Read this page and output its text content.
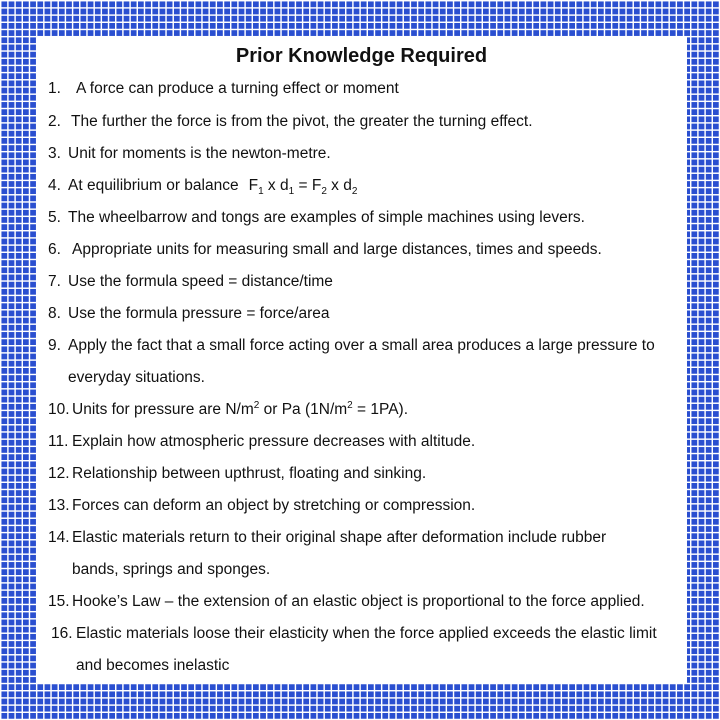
Prior Knowledge Required
1. A force can produce a turning effect or moment
2. The further the force is from the pivot, the greater the turning effect.
3. Unit for moments is the newton-metre.
4. At equilibrium or balance $F_1$ x $d_1 = F_2$ x $d_2$
5. The wheelbarrow and tongs are examples of simple machines using levers.
6. Appropriate units for measuring small and large distances, times and speeds.
7. Use the formula speed = distance/time
8. Use the formula pressure = force/area
9. Apply the fact that a small force acting over a small area produces a large pressure to
everyday situations.
10. Units for pressure are $N/m^2$ or Pa $(1N/m^2 = 1PA)$.
11. Explain how atmospheric pressure decreases with altitude.
12. Relationship between upthrust, floating and sinking.
13. Forces can deform an object by stretching or compression.
14. Elastic materials return to their original shape after deformation include rubber
bands, springs and sponges.
15. Hooke’s Law – the extension of an elastic object is proportional to the force applied.
16. Elastic materials loose their elasticity when the force applied exceeds the elastic limit
and becomes inelastic
